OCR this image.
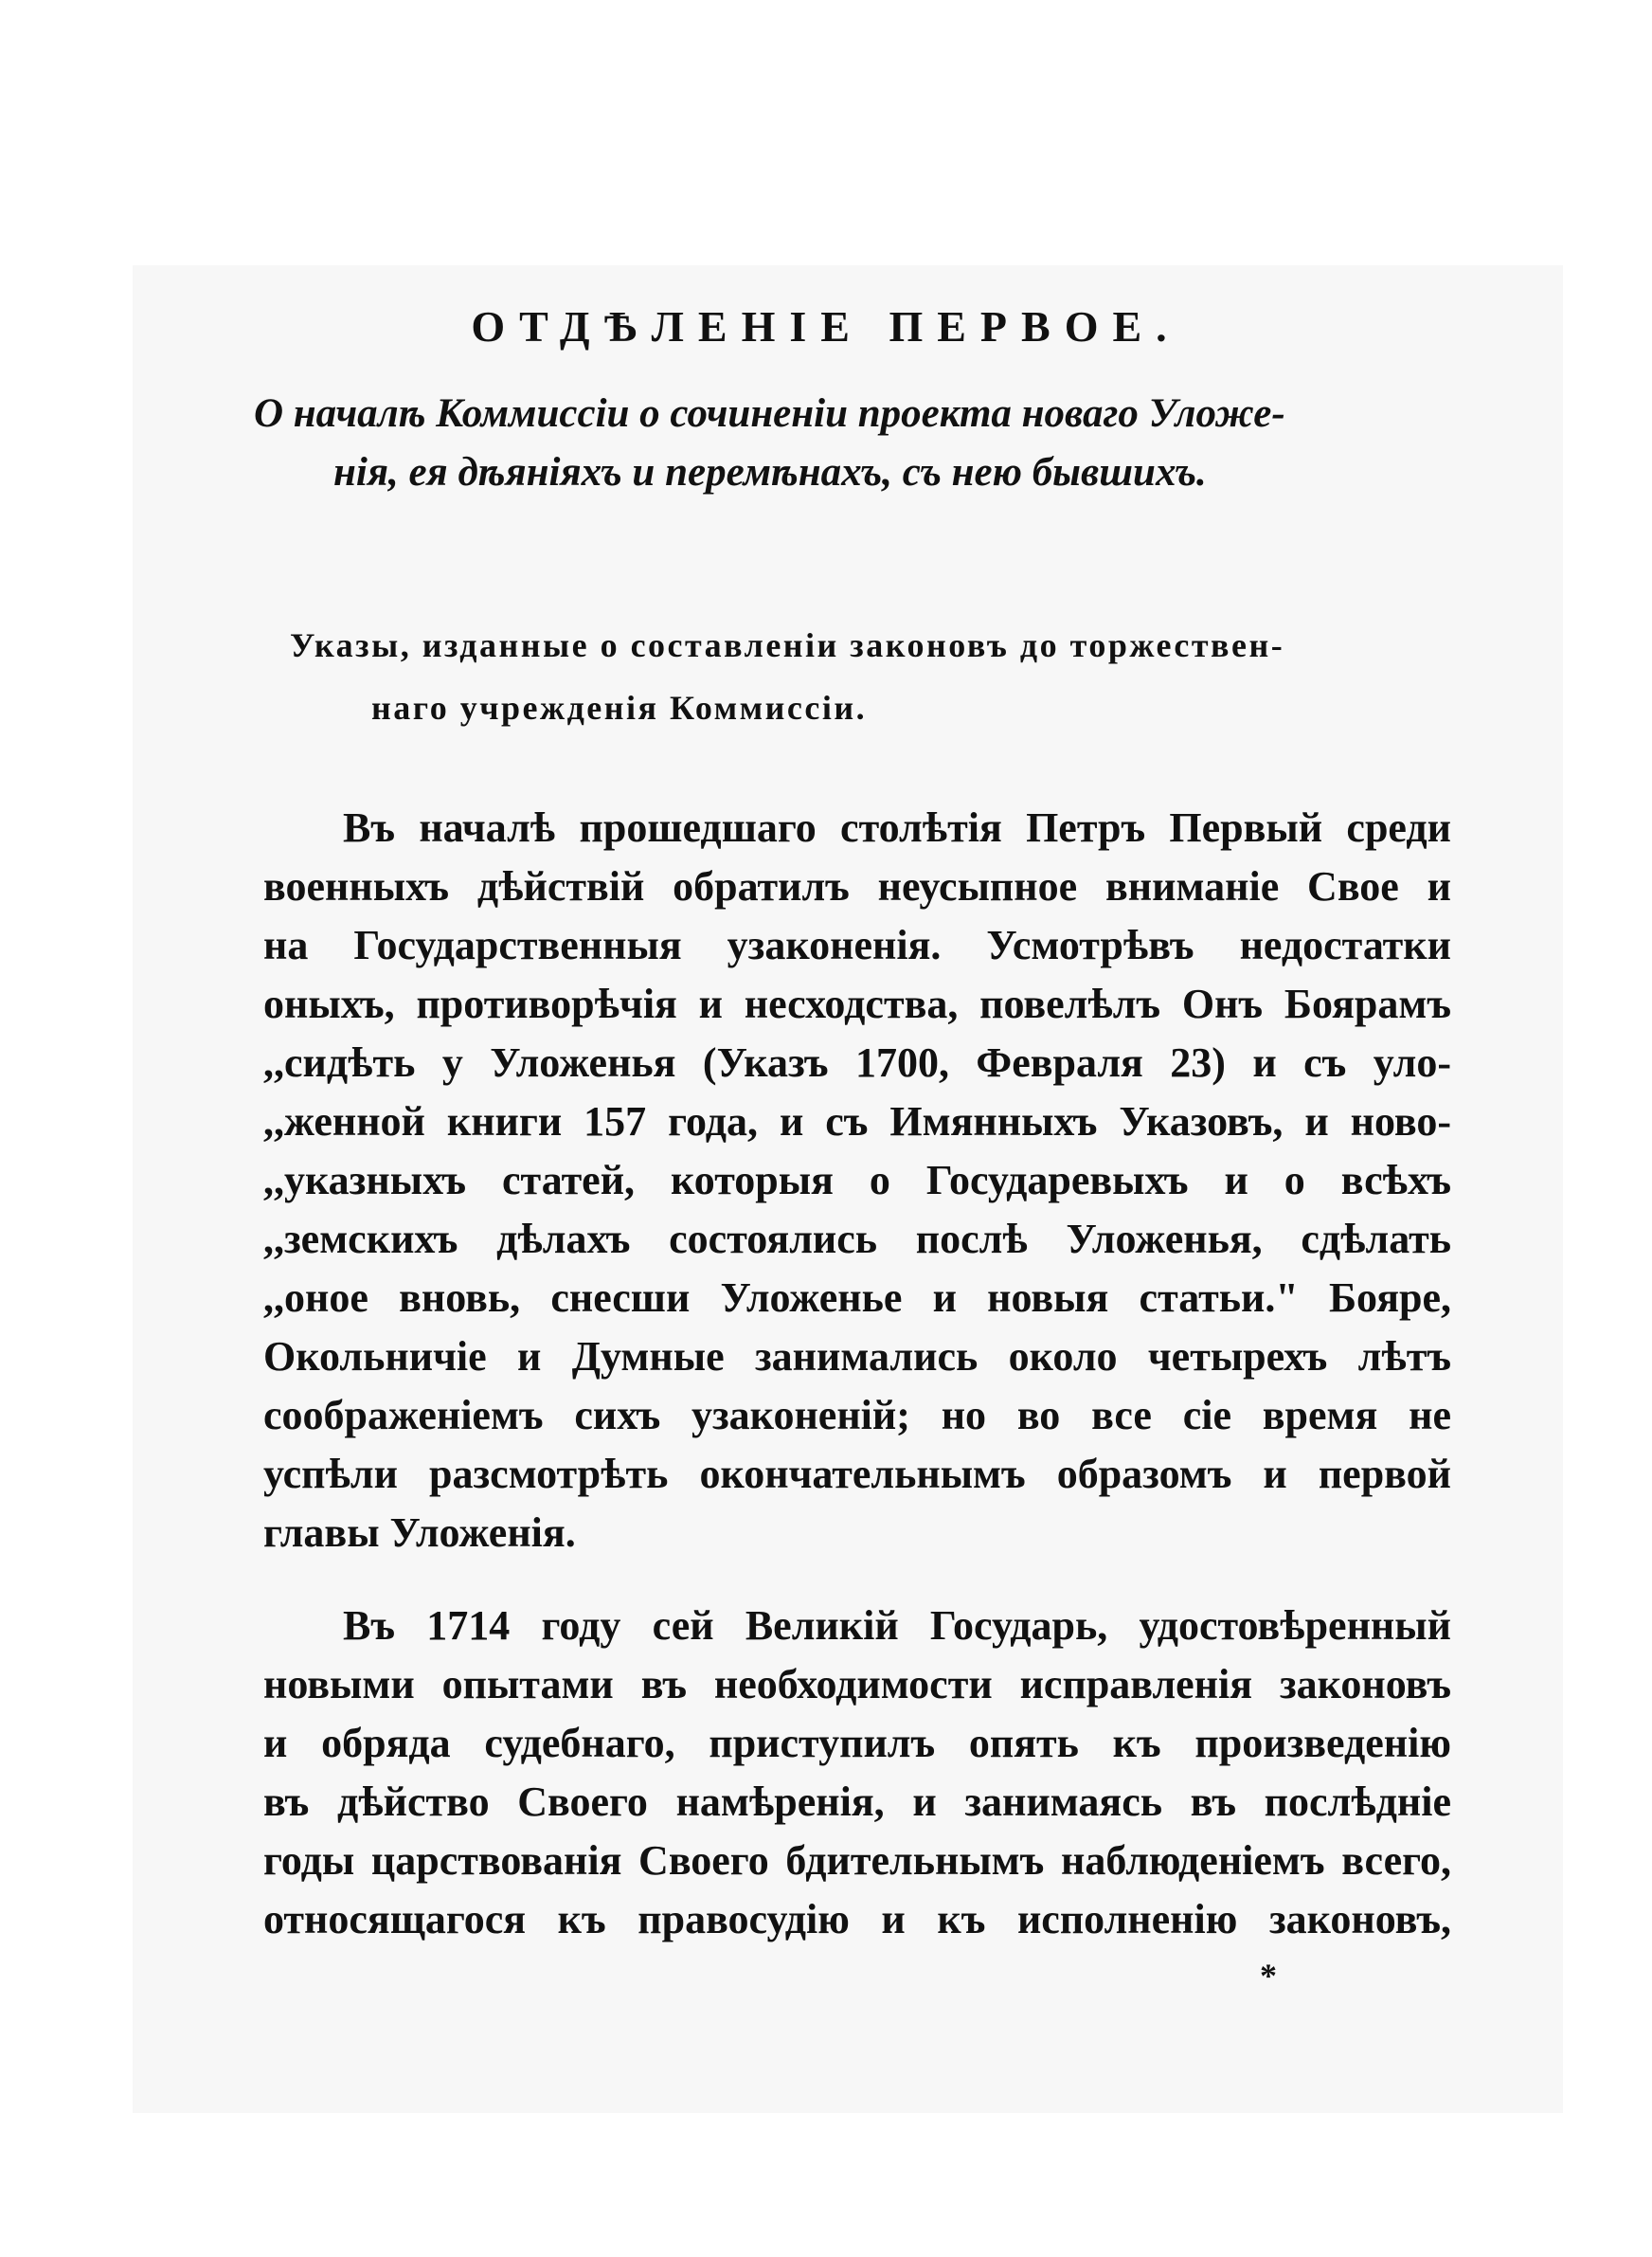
ОТДѢЛЕНІЕ ПЕРВОЕ.

О началѣ Коммиссіи о сочиненіи проекта новаго Уложе-

нія, ея дѣяніяхъ и перемѣнахъ, съ нею бывшихъ.

Указы, изданные о составленіи законовъ до торжествен-

наго учрежденія Коммиссіи.

Въ началѣ прошедшаго столѣтія Петръ Первый среди

военныхъ дѣйствій обратилъ неусыпное вниманіе Свое и

на Государственныя узаконенія. Усмотрѣвъ недостатки

оныхъ, противорѣчія и несходства, повелѣлъ Онъ Боярамъ

,,сидѣть у Уложенья (Указъ 1700, Февраля 23) и съ уло-

,,женной книги 157 года, и съ Имянныхъ Указовъ, и ново-

,,указныхъ статей, которыя о Государевыхъ и о всѣхъ

,,земскихъ дѣлахъ состоялись послѣ Уложенья, сдѣлать

,,оное вновь, снесши Уложенье и новыя статьи." Бояре,

Окольничіе и Думные занимались около четырехъ лѣтъ

соображеніемъ сихъ узаконеній; но во все сіе время не

успѣли разсмотрѣть окончательнымъ образомъ и первой

главы Уложенія.

Въ 1714 году сей Великій Государь, удостовѣренный

новыми опытами въ необходимости исправленія законовъ

и обряда судебнаго, приступилъ опять къ произведенію

въ дѣйство Своего намѣренія, и занимаясь въ послѣдніе

годы царствованія Своего бдительнымъ наблюденіемъ всего,

относящагося къ правосудію и къ исполненію законовъ,

*
